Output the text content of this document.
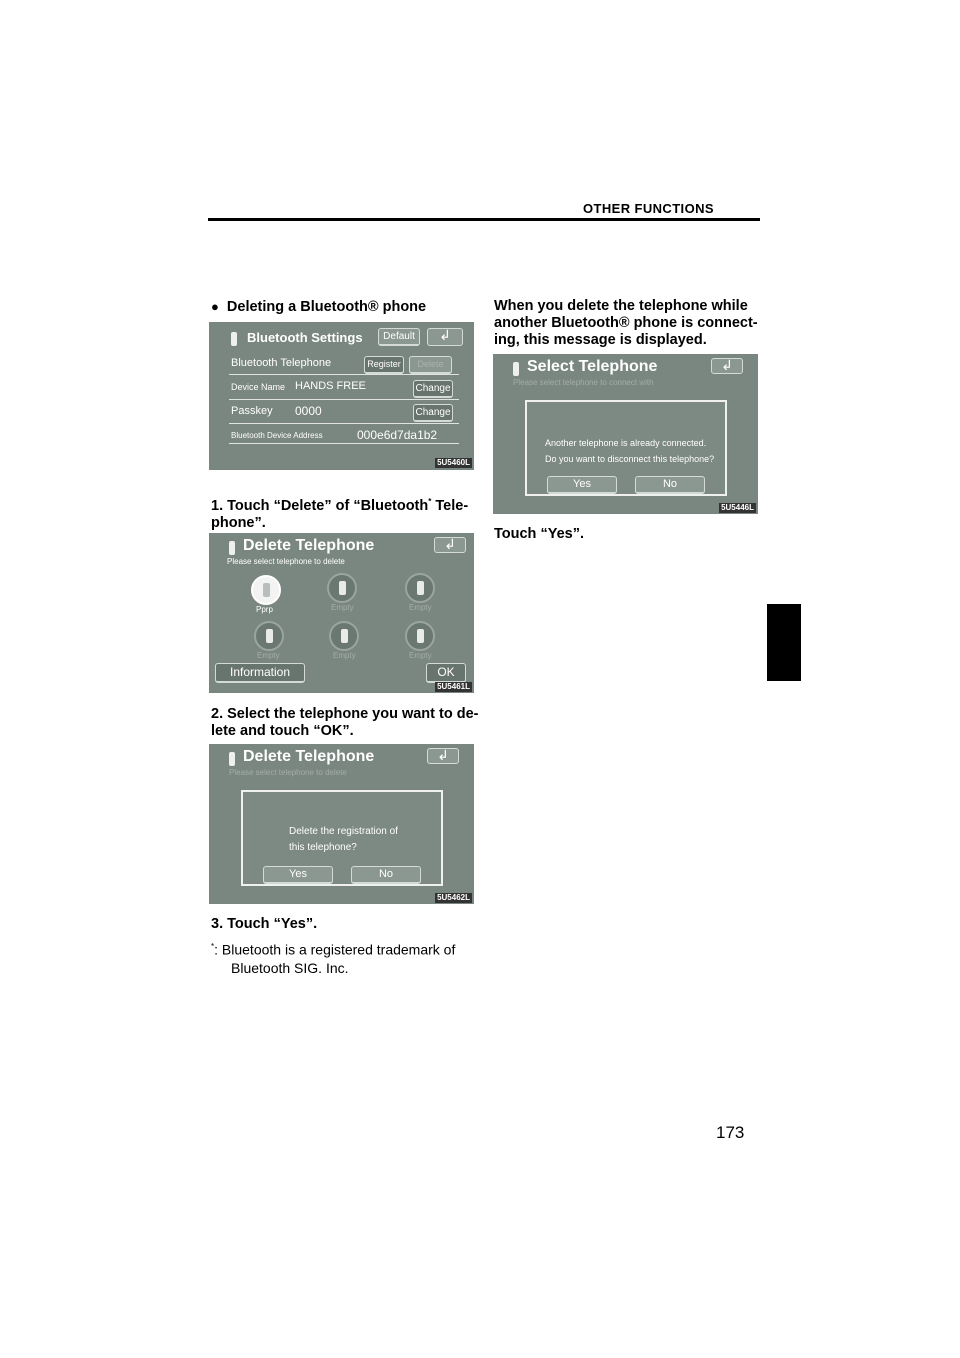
OTHER FUNCTIONS
● Deleting a Bluetooth® phone
Bluetooth Settings	Default
↲
Bluetooth Telephone	Register	Delete
Device Name HANDS FREE	Change
Passkey 0000	Change
Bluetooth Device Address	000e6d7da1b2
5U5460L
1. Touch “Delete” of “Bluetooth* Tele-
phone”.
Delete Telephone
↲
Please select telephone to delete
Pprp	Empty	Empty
Empty	Empty	Empty
Information	OK
5U5461L
2. Select the telephone you want to de-
lete and touch “OK”.
Delete Telephone
↲
Please select telephone to delete
Delete the registration of
this telephone?
Yes	No
5U5462L
3. Touch “Yes”.
*: Bluetooth is a registered trademark of
Bluetooth SIG. Inc.
When you delete the telephone while
another Bluetooth® phone is connect-
ing, this message is displayed.
Select Telephone
↲
Please select telephone to connect with
Another telephone is already connected.
Do you want to disconnect this telephone?
Yes	No
5U5446L
Touch “Yes”.
173
